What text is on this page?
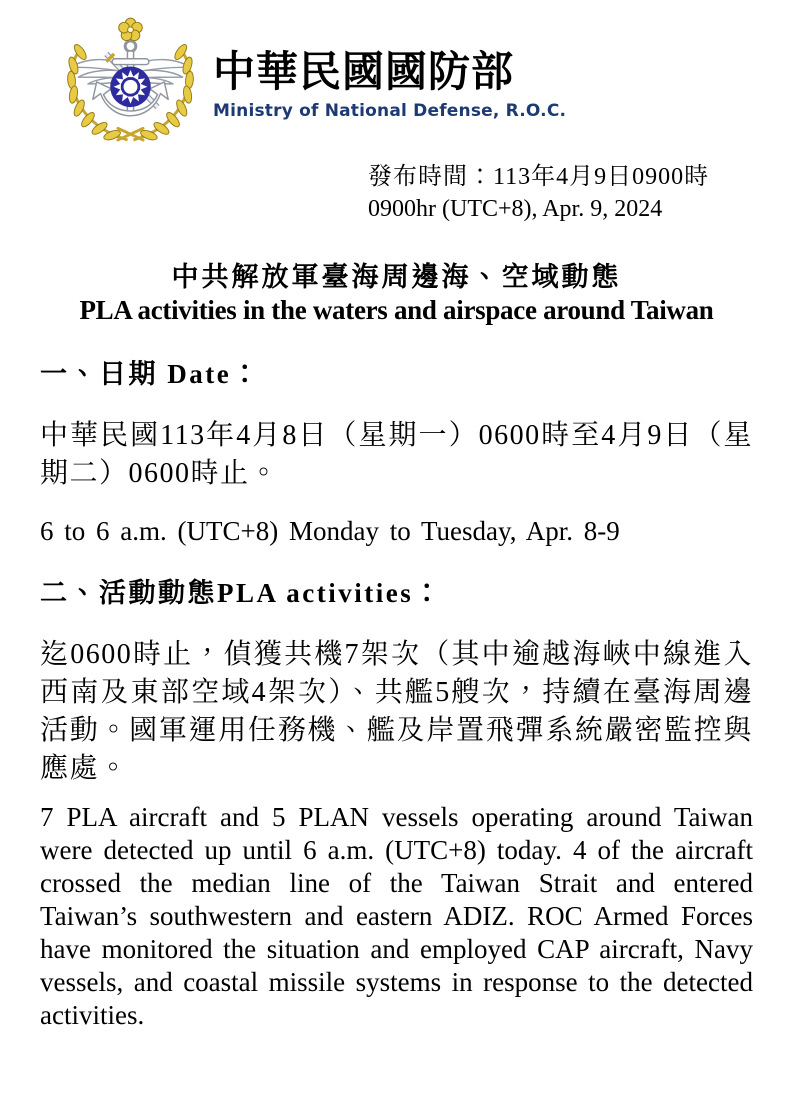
中華民國國防部
Ministry of National Defense, R.O.C.
發布時間：113年4月9日0900時
0900hr (UTC+8), Apr. 9, 2024
中共解放軍臺海周邊海、空域動態
PLA activities in the waters and airspace around Taiwan
一、日期 Date：

中華民國113年4月8日（星期一）0600時至4月9日（星期二）0600時止。

6 to 6 a.m. (UTC+8) Monday to Tuesday, Apr. 8-9

二、活動動態PLA activities：

迄0600時止，偵獲共機7架次（其中逾越海峽中線進入西南及東部空域4架次）、共艦5艘次，持續在臺海周邊活動。國軍運用任務機、艦及岸置飛彈系統嚴密監控與應處。

7 PLA aircraft and 5 PLAN vessels operating around Taiwan were detected up until 6 a.m. (UTC+8) today. 4 of the aircraft crossed the median line of the Taiwan Strait and entered Taiwan’s southwestern and eastern ADIZ. ROC Armed Forces have monitored the situation and employed CAP aircraft, Navy vessels, and coastal missile systems in response to the detected activities.
